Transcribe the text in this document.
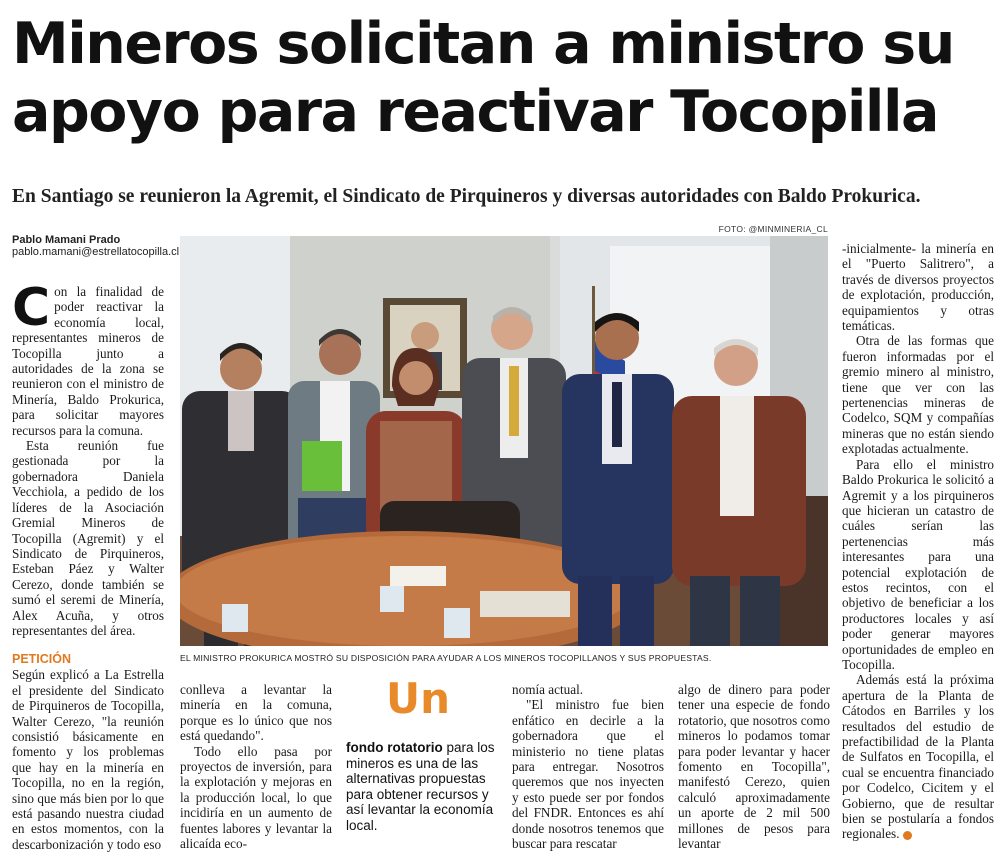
Mineros solicitan a ministro su
apoyo para reactivar Tocopilla

En Santiago se reunieron la Agremit, el Sindicato de Pirquineros y diversas autoridades con Baldo Prokurica.

Pablo Mamani Prado
pablo.mamani@estrellatocopilla.cl
FOTO: @MINMINERIA_CL
EL MINISTRO PROKURICA MOSTRÓ SU DISPOSICIÓN PARA AYUDAR A LOS MINEROS TOCOPILLANOS Y SUS PROPUESTAS.

Con la finalidad de poder reactivar la economía local, representantes mineros de Tocopilla junto a autoridades de la zona se reunieron con el ministro de Minería, Baldo Prokurica, para solicitar mayores recursos para la comuna.

Esta reunión fue gestionada por la gobernadora Daniela Vecchiola, a pedido de los líderes de la Asociación Gremial Mineros de Tocopilla (Agremit) y el Sindicato de Pirquineros, Esteban Páez y Walter Cerezo, donde también se sumó el seremi de Minería, Alex Acuña, y otros representantes del área.

PETICIÓN

Según explicó a La Estrella el presidente del Sindicato de Pirquineros de Tocopilla, Walter Cerezo, "la reunión consistió básicamente en fomento y los problemas que hay en la minería en Tocopilla, no en la región, sino que más bien por lo que está pasando nuestra ciudad en estos momentos, con la descarbonización y todo eso

conlleva a levantar la minería en la comuna, porque es lo único que nos está quedando".

Todo ello pasa por proyectos de inversión, para la explotación y mejoras en la producción local, lo que incidiría en un aumento de fuentes labores y levantar la alicaída eco-

Un
fondo rotatorio para los mineros es una de las alternativas propuestas para obtener recursos y así levantar la economía local.

nomía actual.

"El ministro fue bien enfático en decirle a la gobernadora que el ministerio no tiene platas para entregar. Nosotros queremos que nos inyecten y esto puede ser por fondos del FNDR. Entonces es ahí donde nosotros tenemos que buscar para rescatar

algo de dinero para poder tener una especie de fondo rotatorio, que nosotros como mineros lo podamos tomar para poder levantar y hacer fomento en Tocopilla", manifestó Cerezo, quien calculó aproximadamente un aporte de 2 mil 500 millones de pesos para levantar

-inicialmente- la minería en el "Puerto Salitrero", a través de diversos proyectos de explotación, producción, equipamientos y otras temáticas.

Otra de las formas que fueron informadas por el gremio minero al ministro, tiene que ver con las pertenencias mineras de Codelco, SQM y compañías mineras que no están siendo explotadas actualmente.

Para ello el ministro Baldo Prokurica le solicitó a Agremit y a los pirquineros que hicieran un catastro de cuáles serían las pertenencias más interesantes para una potencial explotación de estos recintos, con el objetivo de beneficiar a los productores locales y así poder generar mayores oportunidades de empleo en Tocopilla.

Además está la próxima apertura de la Planta de Cátodos en Barriles y los resultados del estudio de prefactibilidad de la Planta de Sulfatos en Tocopilla, el cual se encuentra financiado por Codelco, Cicitem y el Gobierno, que de resultar bien se postularía a fondos regionales.
